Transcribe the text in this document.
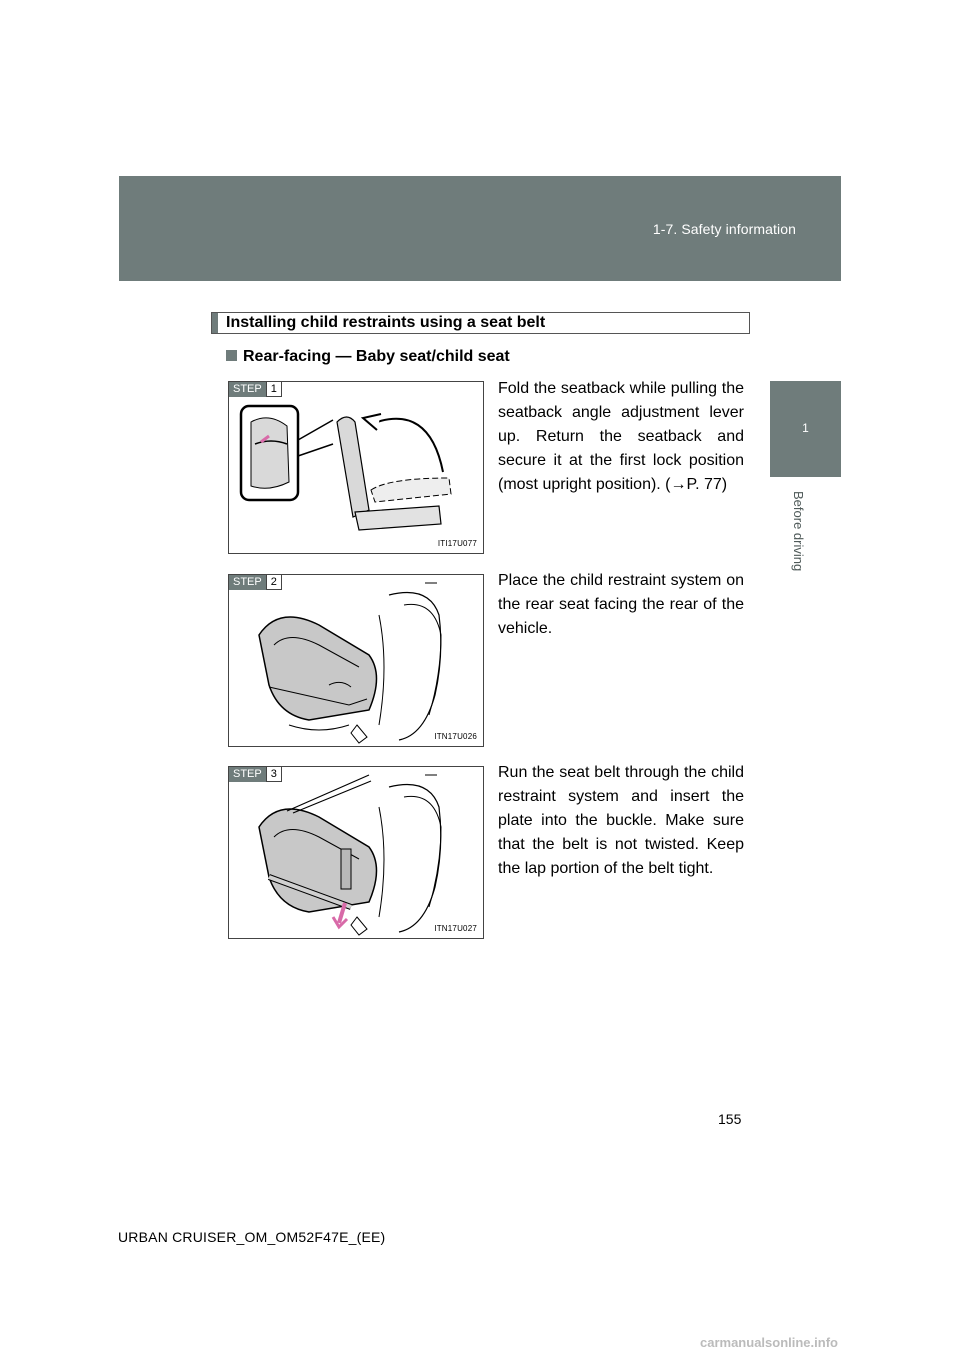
1-7. Safety information
1
Before driving
Installing child restraints using a seat belt
Rear-facing — Baby seat/child seat
STEP 1
ITI17U077
Fold the seatback while pulling the seatback angle adjustment lever up. Return the seatback and secure it at the first lock position (most upright position). (→P. 77)
STEP 2
ITN17U026
Place the child restraint system on the rear seat facing the rear of the vehicle.
STEP 3
ITN17U027
Run the seat belt through the child restraint system and insert the plate into the buckle. Make sure that the belt is not twisted. Keep the lap portion of the belt tight.
155
URBAN CRUISER_OM_OM52F47E_(EE)
carmanualsonline.info
